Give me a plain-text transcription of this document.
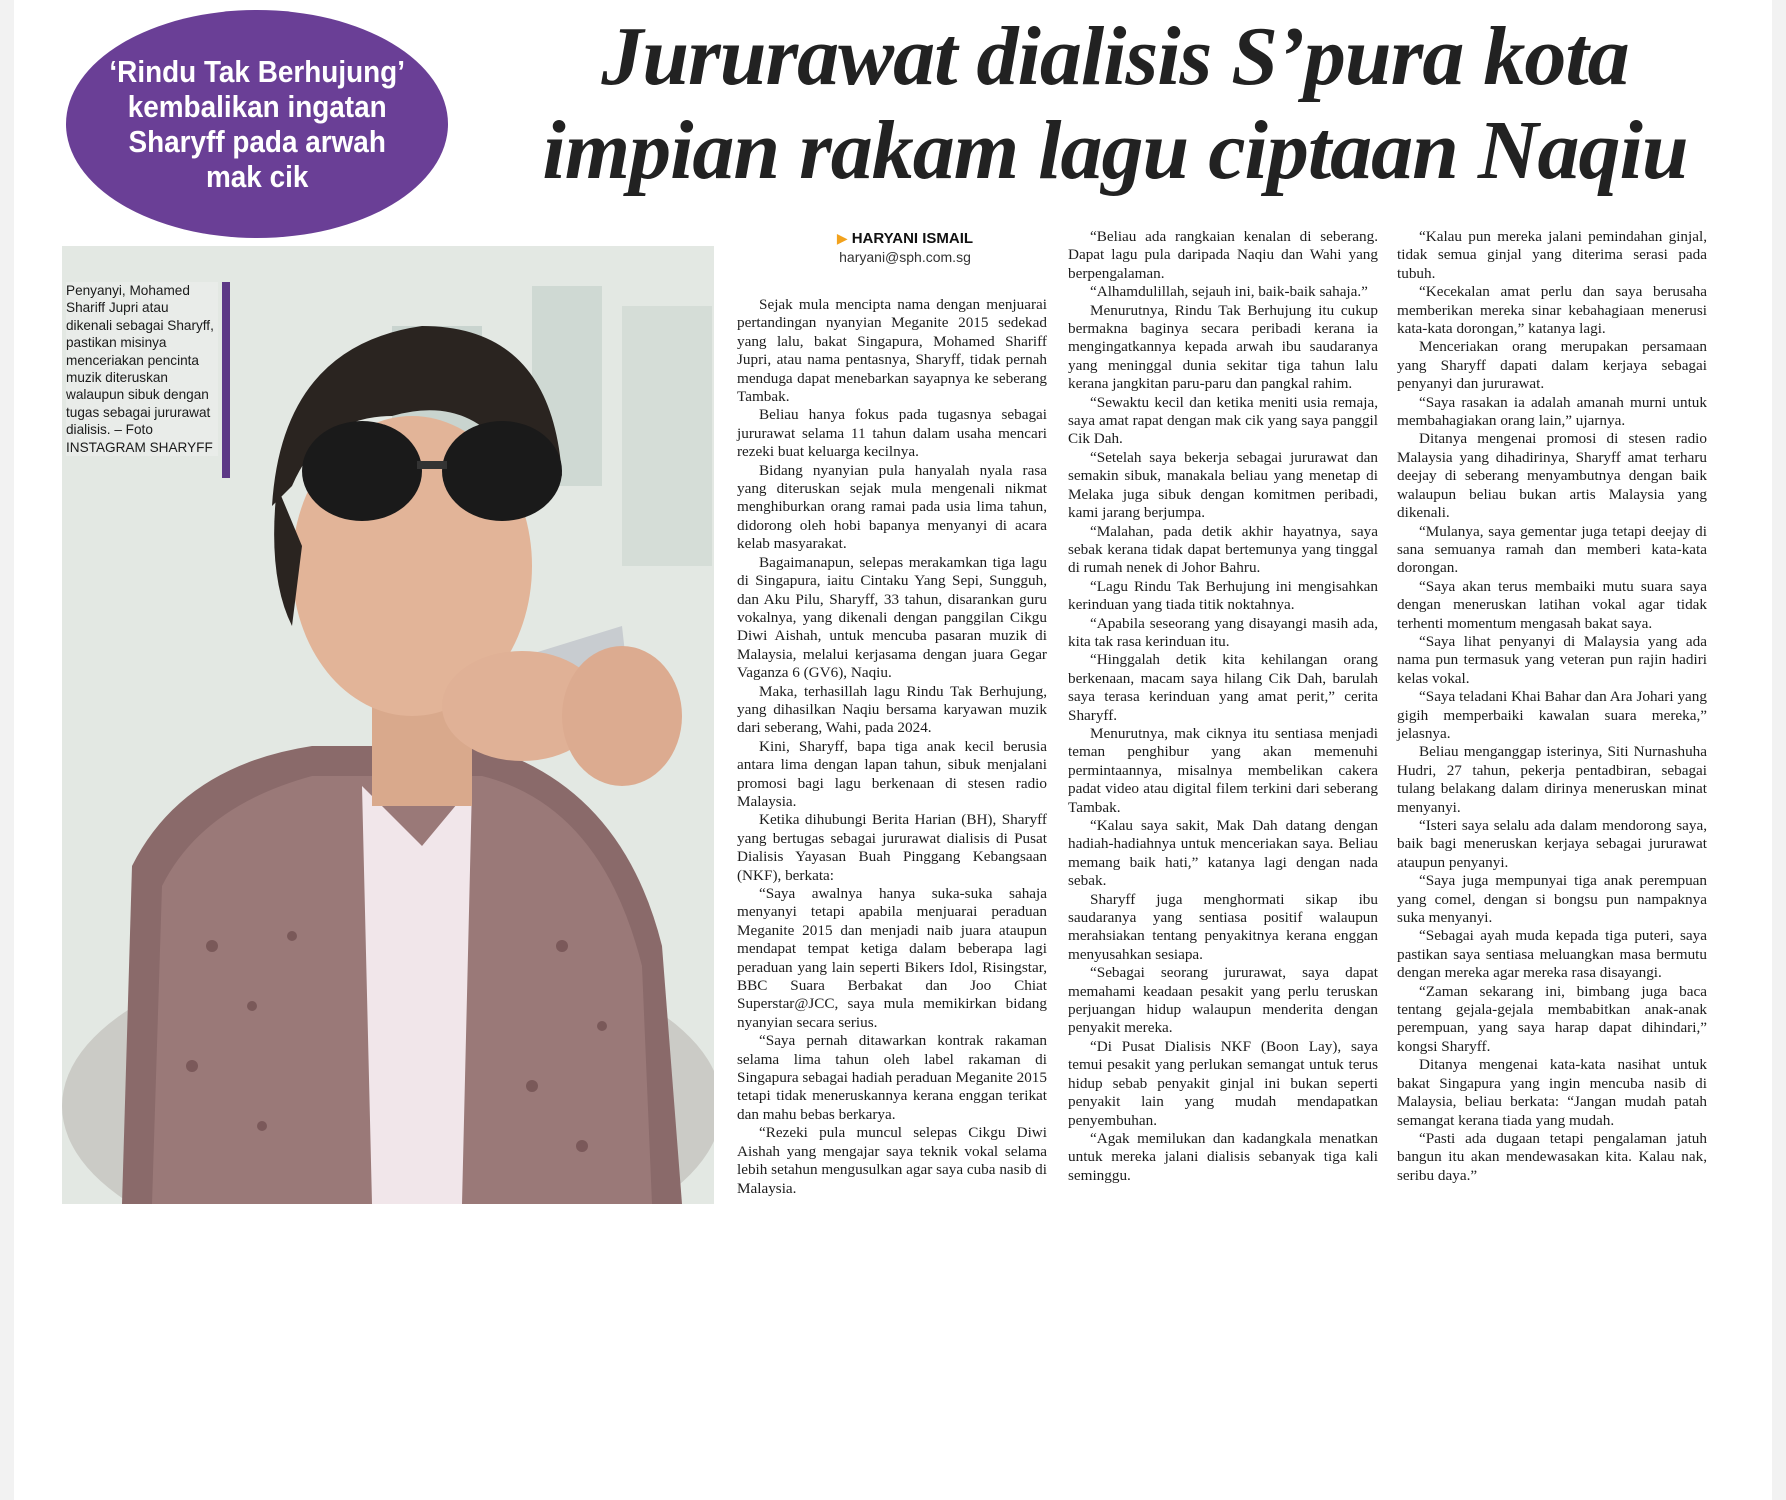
‘Rindu Tak Berhujung’
kembalikan ingatan
Sharyff pada arwah
mak cik
Jururawat dialisis S’pura kota
impian rakam lagu ciptaan Naqiu
Penyanyi, Mohamed Shariff Jupri atau dikenali sebagai Sharyff, pastikan misinya menceriakan pencinta muzik diteruskan walaupun sibuk dengan tugas sebagai jururawat dialisis. – Foto INSTAGRAM SHARYFF
▶ HARYANI ISMAIL
haryani@sph.com.sg

Sejak mula mencipta nama dengan menjuarai pertandingan nyanyian Meganite 2015 sedekad yang lalu, bakat Singapura, Mohamed Shariff Jupri, atau nama pentasnya, Sharyff, tidak pernah menduga dapat menebarkan sayapnya ke seberang Tambak.

Beliau hanya fokus pada tugasnya sebagai jururawat selama 11 tahun dalam usaha mencari rezeki buat keluarga kecilnya.

Bidang nyanyian pula hanyalah nyala rasa yang diteruskan sejak mula mengenali nikmat menghiburkan orang ramai pada usia lima tahun, didorong oleh hobi bapanya menyanyi di acara kelab masyarakat.

Bagaimanapun, selepas merakamkan tiga lagu di Singapura, iaitu Cintaku Yang Sepi, Sungguh, dan Aku Pilu, Sharyff, 33 tahun, disarankan guru vokalnya, yang dikenali dengan panggilan Cikgu Diwi Aishah, untuk mencuba pasaran muzik di Malaysia, melalui kerjasama dengan juara Gegar Vaganza 6 (GV6), Naqiu.

Maka, terhasillah lagu Rindu Tak Berhujung, yang dihasilkan Naqiu bersama karyawan muzik dari seberang, Wahi, pada 2024.

Kini, Sharyff, bapa tiga anak kecil berusia antara lima dengan lapan tahun, sibuk menjalani promosi bagi lagu berkenaan di stesen radio Malaysia.

Ketika dihubungi Berita Harian (BH), Sharyff yang bertugas sebagai jururawat dialisis di Pusat Dialisis Yayasan Buah Pinggang Kebangsaan (NKF), berkata:

“Saya awalnya hanya suka-suka sahaja menyanyi tetapi apabila menjuarai peraduan Meganite 2015 dan menjadi naib juara ataupun mendapat tempat ketiga dalam beberapa lagi peraduan yang lain seperti Bikers Idol, Risingstar, BBC Suara Berbakat dan Joo Chiat Superstar@JCC, saya mula memikirkan bidang nyanyian secara serius.

“Saya pernah ditawarkan kontrak rakaman selama lima tahun oleh label rakaman di Singapura sebagai hadiah peraduan Meganite 2015 tetapi tidak meneruskannya kerana enggan terikat dan mahu bebas berkarya.

“Rezeki pula muncul selepas Cikgu Diwi Aishah yang mengajar saya teknik vokal selama lebih setahun mengusulkan agar saya cuba nasib di Malaysia.

“Beliau ada rangkaian kenalan di seberang. Dapat lagu pula daripada Naqiu dan Wahi yang berpengalaman.

“Alhamdulillah, sejauh ini, baik-baik sahaja.”

Menurutnya, Rindu Tak Berhujung itu cukup bermakna baginya secara peribadi kerana ia mengingatkannya kepada arwah ibu saudaranya yang meninggal dunia sekitar tiga tahun lalu kerana jangkitan paru-paru dan pangkal rahim.

“Sewaktu kecil dan ketika meniti usia remaja, saya amat rapat dengan mak cik yang saya panggil Cik Dah.

“Setelah saya bekerja sebagai jururawat dan semakin sibuk, manakala beliau yang menetap di Melaka juga sibuk dengan komitmen peribadi, kami jarang berjumpa.

“Malahan, pada detik akhir hayatnya, saya sebak kerana tidak dapat bertemunya yang tinggal di rumah nenek di Johor Bahru.

“Lagu Rindu Tak Berhujung ini mengisahkan kerinduan yang tiada titik noktahnya.

“Apabila seseorang yang disayangi masih ada, kita tak rasa kerinduan itu.

“Hinggalah detik kita kehilangan orang berkenaan, macam saya hilang Cik Dah, barulah saya terasa kerinduan yang amat perit,” cerita Sharyff.

Menurutnya, mak ciknya itu sentiasa menjadi teman penghibur yang akan memenuhi permintaannya, misalnya membelikan cakera padat video atau digital filem terkini dari seberang Tambak.

“Kalau saya sakit, Mak Dah datang dengan hadiah-hadiahnya untuk menceriakan saya. Beliau memang baik hati,” katanya lagi dengan nada sebak.

Sharyff juga menghormati sikap ibu saudaranya yang sentiasa positif walaupun merahsiakan tentang penyakitnya kerana enggan menyusahkan sesiapa.

“Sebagai seorang jururawat, saya dapat memahami keadaan pesakit yang perlu teruskan perjuangan hidup walaupun menderita dengan penyakit mereka.

“Di Pusat Dialisis NKF (Boon Lay), saya temui pesakit yang perlukan semangat untuk terus hidup sebab penyakit ginjal ini bukan seperti penyakit lain yang mudah mendapatkan penyembuhan.

“Agak memilukan dan kadangkala menatkan untuk mereka jalani dialisis sebanyak tiga kali seminggu.

“Kalau pun mereka jalani pemindahan ginjal, tidak semua ginjal yang diterima serasi pada tubuh.

“Kecekalan amat perlu dan saya berusaha memberikan mereka sinar kebahagiaan menerusi kata-kata dorongan,” katanya lagi.

Menceriakan orang merupakan persamaan yang Sharyff dapati dalam kerjaya sebagai penyanyi dan jururawat.

“Saya rasakan ia adalah amanah murni untuk membahagiakan orang lain,” ujarnya.

Ditanya mengenai promosi di stesen radio Malaysia yang dihadirinya, Sharyff amat terharu deejay di seberang menyambutnya dengan baik walaupun beliau bukan artis Malaysia yang dikenali.

“Mulanya, saya gementar juga tetapi deejay di sana semuanya ramah dan memberi kata-kata dorongan.

“Saya akan terus membaiki mutu suara saya dengan meneruskan latihan vokal agar tidak terhenti momentum mengasah bakat saya.

“Saya lihat penyanyi di Malaysia yang ada nama pun termasuk yang veteran pun rajin hadiri kelas vokal.

“Saya teladani Khai Bahar dan Ara Johari yang gigih memperbaiki kawalan suara mereka,” jelasnya.

Beliau menganggap isterinya, Siti Nurnashuha Hudri, 27 tahun, pekerja pentadbiran, sebagai tulang belakang dalam dirinya meneruskan minat menyanyi.

“Isteri saya selalu ada dalam mendorong saya, baik bagi meneruskan kerjaya sebagai jururawat ataupun penyanyi.

“Saya juga mempunyai tiga anak perempuan yang comel, dengan si bongsu pun nampaknya suka menyanyi.

“Sebagai ayah muda kepada tiga puteri, saya pastikan saya sentiasa meluangkan masa bermutu dengan mereka agar mereka rasa disayangi.

“Zaman sekarang ini, bimbang juga baca tentang gejala-gejala membabitkan anak-anak perempuan, yang saya harap dapat dihindari,” kongsi Sharyff.

Ditanya mengenai kata-kata nasihat untuk bakat Singapura yang ingin mencuba nasib di Malaysia, beliau berkata: “Jangan mudah patah semangat kerana tiada yang mudah.

“Pasti ada dugaan tetapi pengalaman jatuh bangun itu akan mendewasakan kita. Kalau nak, seribu daya.”
